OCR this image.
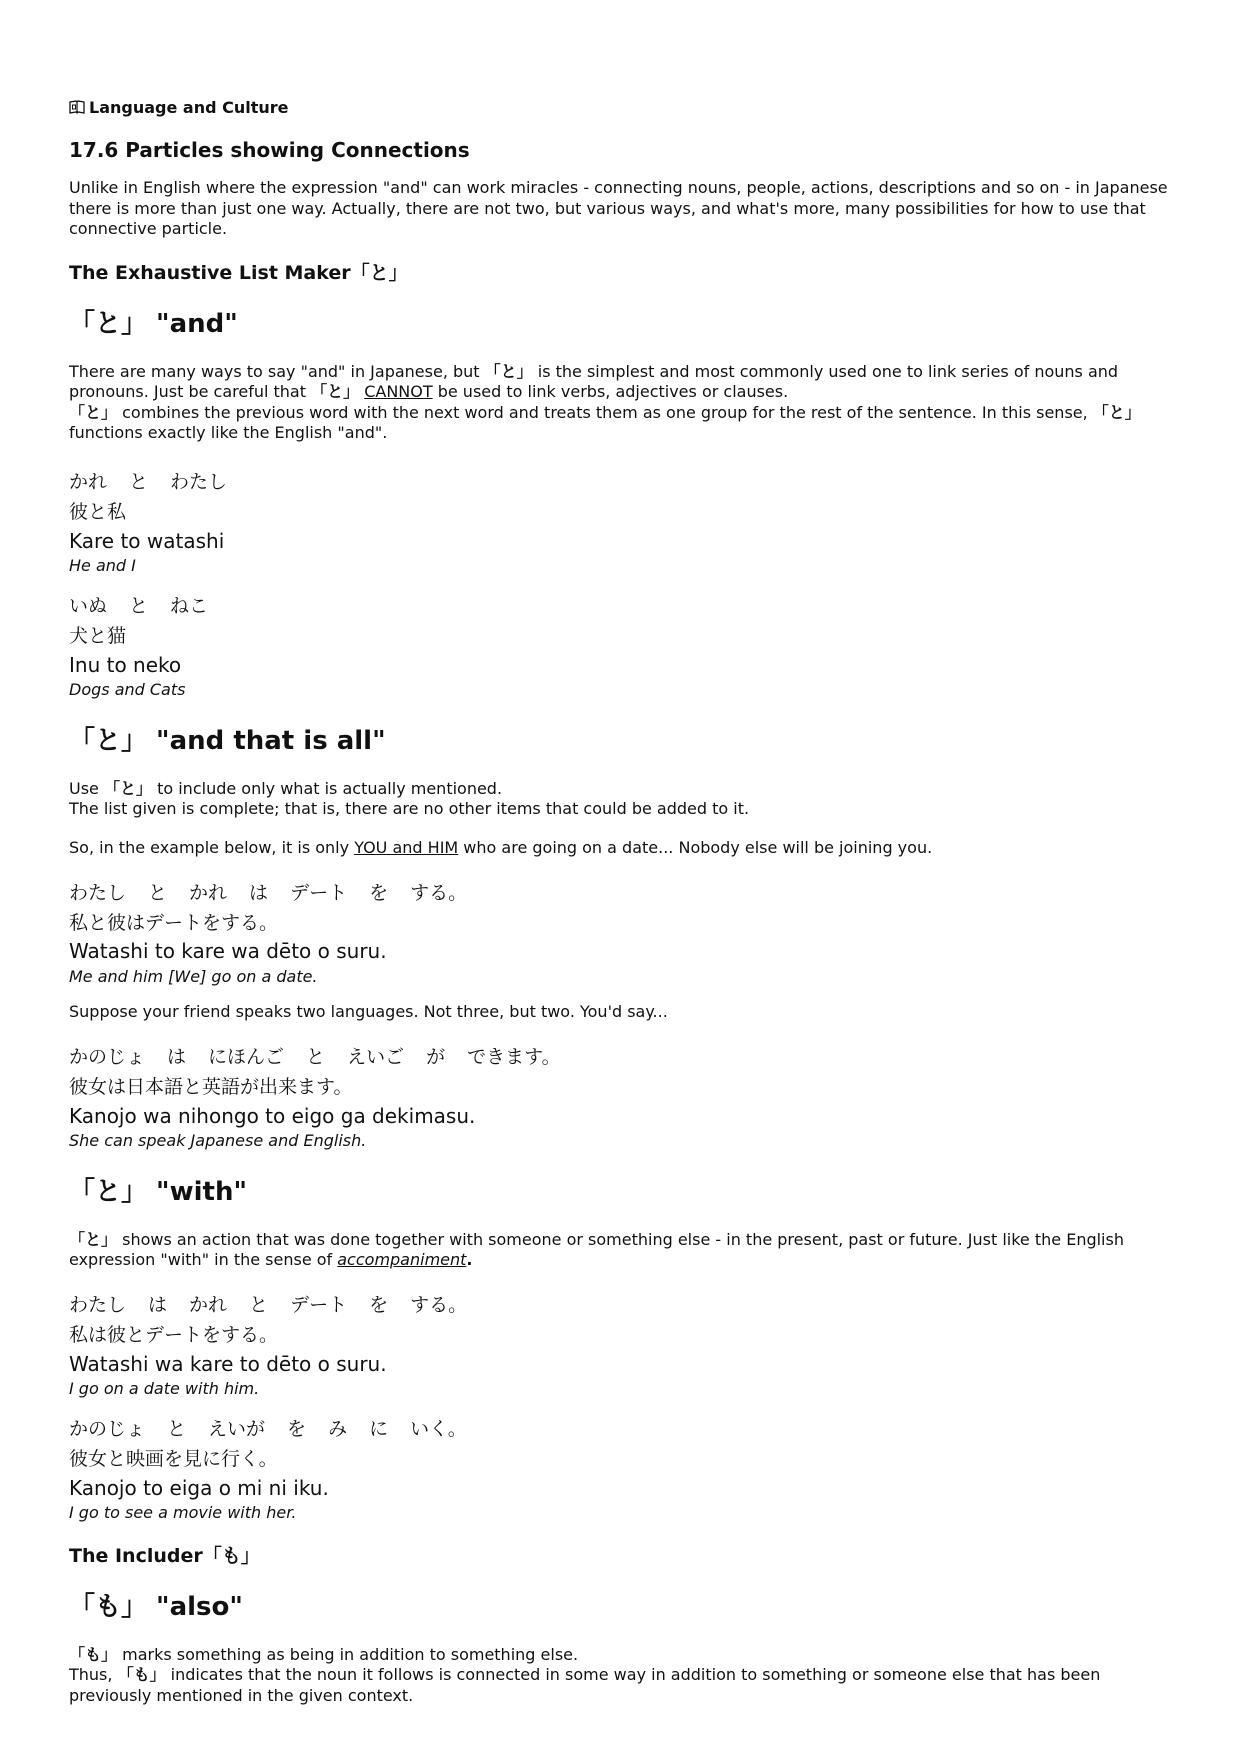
Language and Culture
17.6 Particles showing Connections

Unlike in English where the expression "and" can work miracles - connecting nouns, people, actions, descriptions and so on - in Japanese there is more than just one way. Actually, there are not two, but various ways, and what's more, many possibilities for how to use that connective particle.

The Exhaustive List Maker「と」
「と」 "and"

There are many ways to say "and" in Japanese, but 「と」 is the simplest and most commonly used one to link series of nouns and pronouns. Just be careful that 「と」 CANNOT be used to link verbs, adjectives or clauses.
「と」 combines the previous word with the next word and treats them as one group for the rest of the sentence. In this sense, 「と」 functions exactly like the English "and".

かれ と わたし
彼と私
Kare to watashi
He and I
いぬ と ねこ
犬と猫
Inu to neko
Dogs and Cats
「と」 "and that is all"

Use 「と」 to include only what is actually mentioned.
The list given is complete; that is, there are no other items that could be added to it.

So, in the example below, it is only YOU and HIM who are going on a date... Nobody else will be joining you.

わたし と かれ は デート を する。
私と彼はデートをする。
Watashi to kare wa dēto o suru.
Me and him [We] go on a date.

Suppose your friend speaks two languages. Not three, but two. You'd say...

かのじょ は にほんご と えいご が できます。
彼女は日本語と英語が出来ます。
Kanojo wa nihongo to eigo ga dekimasu.
She can speak Japanese and English.
「と」 "with"

「と」 shows an action that was done together with someone or something else - in the present, past or future. Just like the English expression "with" in the sense of accompaniment.

わたし は かれ と デート を する。
私は彼とデートをする。
Watashi wa kare to dēto o suru.
I go on a date with him.
かのじょ と えいが を み に いく。
彼女と映画を見に行く。
Kanojo to eiga o mi ni iku.
I go to see a movie with her.
The Includer「も」
「も」 "also"

「も」 marks something as being in addition to something else.
Thus, 「も」 indicates that the noun it follows is connected in some way in addition to something or someone else that has been previously mentioned in the given context.
